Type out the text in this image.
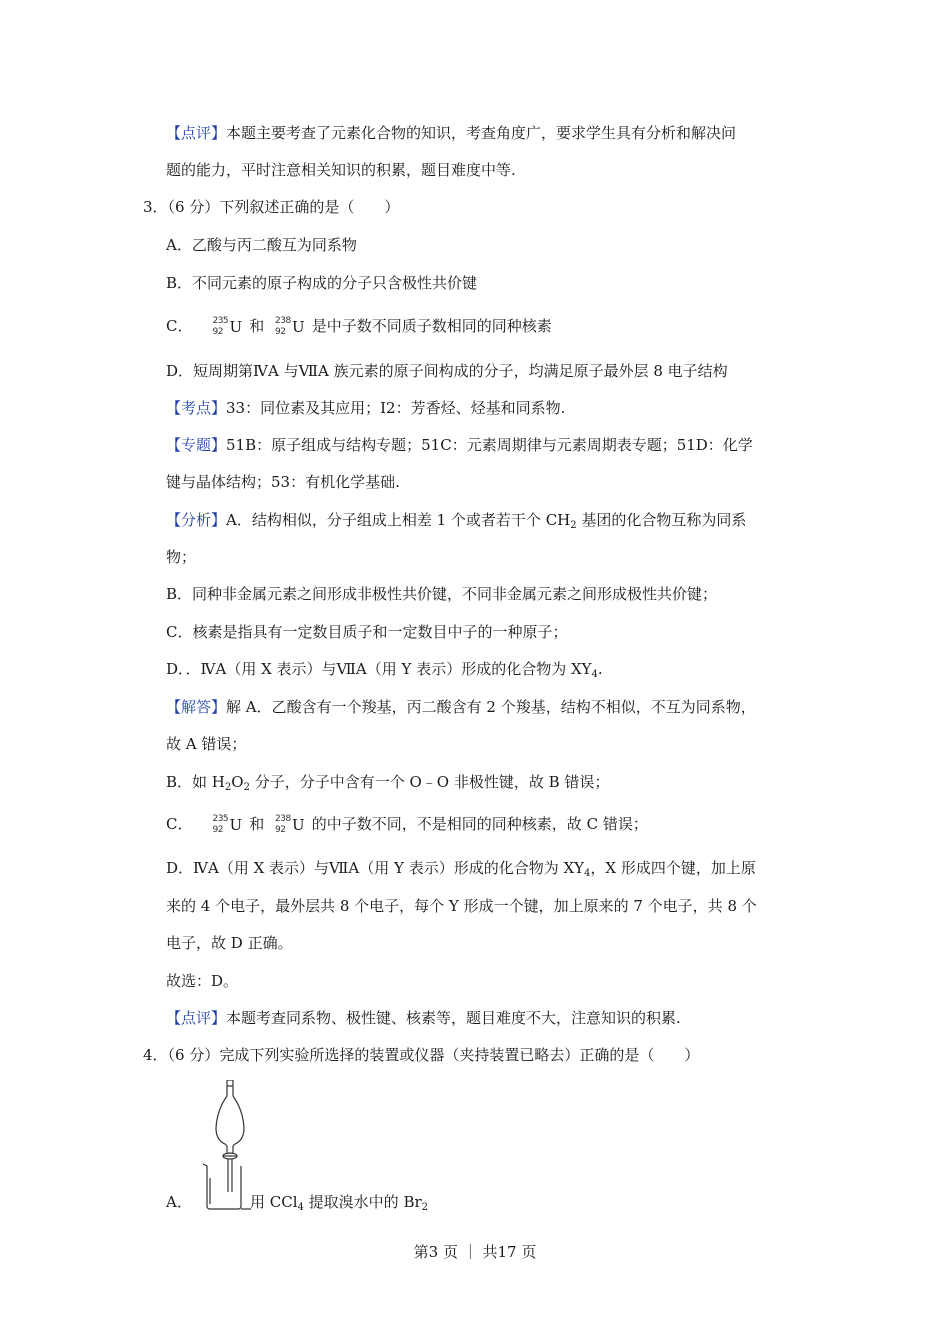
【点评】本题主要考查了元素化合物的知识，考查角度广，要求学生具有分析和解决问
题的能力，平时注意相关知识的积累，题目难度中等.
3．（6 分）下列叙述正确的是（　　）
A．乙酸与丙二酸互为同系物
B．不同元素的原子构成的分子只含极性共价键
C． 235
92 U 和 238
92 U 是中子数不同质子数相同的同种核素
D．短周期第ⅣA 与ⅦA 族元素的原子间构成的分子，均满足原子最外层 8 电子结构
【考点】33：同位素及其应用；I2：芳香烃、烃基和同系物.
【专题】51B：原子组成与结构专题；51C：元素周期律与元素周期表专题；51D：化学
键与晶体结构；53：有机化学基础.
【分析】A．结构相似，分子组成上相差 1 个或者若干个 $CH_2$ 基团的化合物互称为同系
物；
B．同种非金属元素之间形成非极性共价键，不同非金属元素之间形成极性共价键；
C．核素是指具有一定数目质子和一定数目中子的一种原子；
D．．ⅣA（用 X 表示）与ⅦA（用 Y 表示）形成的化合物为 $XY_4$.
【解答】解 A．乙酸含有一个羧基，丙二酸含有 2 个羧基，结构不相似，不互为同系物，
故 A 错误；
B．如 $H_2O_2$ 分子，分子中含有一个 O﹣O 非极性键，故 B 错误；
C． 235
92 U 和 238
92 U 的中子数不同，不是相同的同种核素，故 C 错误；
D．ⅣA（用 X 表示）与ⅦA（用 Y 表示）形成的化合物为 $XY_4$，X 形成四个键，加上原
来的 4 个电子，最外层共 8 个电子，每个 Y 形成一个键，加上原来的 7 个电子，共 8 个
电子，故 D 正确。
故选：D。
【点评】本题考查同系物、极性键、核素等，题目难度不大，注意知识的积累.
4．（6 分）完成下列实验所选择的装置或仪器（夹持装置已略去）正确的是（　　）
A．	用 CCl$_4$ 提取溴水中的 $Br_2$
第3 页 ｜ 共17 页
